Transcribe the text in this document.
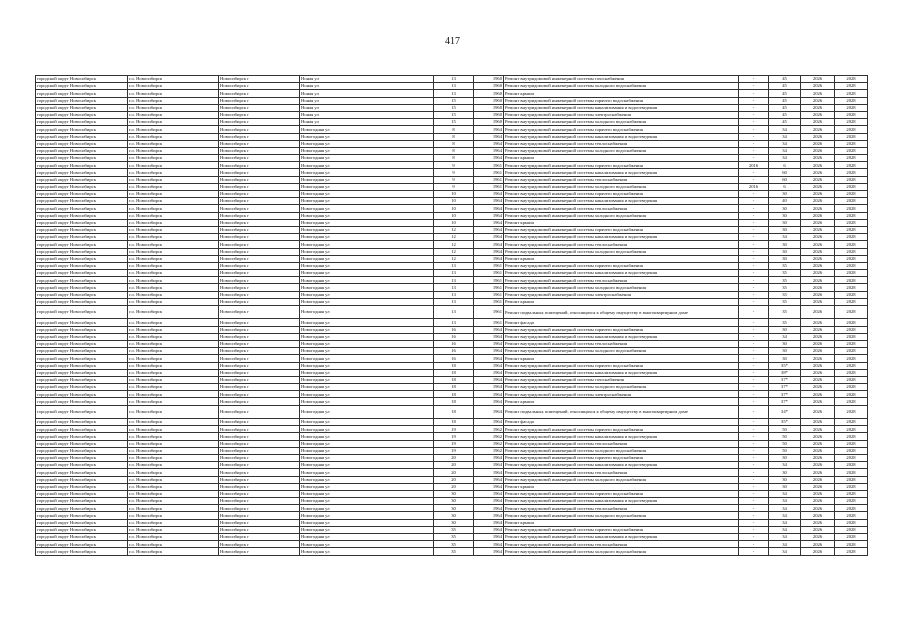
417
городской округ Новосибирск	г.о. Новосибирск	Новосибирск г	Ноная ул	13	1960	Ремонт внутридомовой инженерной системы газоснабжения	-	45	2026	2028
городской округ Новосибирск	г.о. Новосибирск	Новосибирск г	Ноная ул	13	1960	Ремонт внутридомовой инженерной системы холодного водоснабжения	-	45	2026	2028
городской округ Новосибирск	г.о. Новосибирск	Новосибирск г	Ноная ул	13	1960	Ремонт крыши	-	45	2026	2028
городской округ Новосибирск	г.о. Новосибирск	Новосибирск г	Ноная ул	15	1960	Ремонт внутридомовой инженерной системы горячего водоснабжения	-	45	2026	2028
городской округ Новосибирск	г.о. Новосибирск	Новосибирск г	Ноная ул	15	1960	Ремонт внутридомовой инженерной системы канализования и водоотведения	-	45	2026	2028
городской округ Новосибирск	г.о. Новосибирск	Новосибирск г	Ноная ул	15	1960	Ремонт внутридомовой инженерной системы электроснабжения	-	45	2026	2028
городской округ Новосибирск	г.о. Новосибирск	Новосибирск г	Ноная ул	15	1960	Ремонт внутридомовой инженерной системы холодного водоснабжения	-	45	2026	2028
городской округ Новосибирск	г.о. Новосибирск	Новосибирск г	Новогодняя ул	8	1964	Ремонт внутридомовой инженерной системы горячего водоснабжения	-	34	2026	2028
городской округ Новосибирск	г.о. Новосибирск	Новосибирск г	Новогодняя ул	8	1964	Ремонт внутридомовой инженерной системы канализования и водоотведения	-	34	2026	2028
городской округ Новосибирск	г.о. Новосибирск	Новосибирск г	Новогодняя ул	8	1964	Ремонт внутридомовой инженерной системы теплоснабжения	-	34	2026	2028
городской округ Новосибирск	г.о. Новосибирск	Новосибирск г	Новогодняя ул	8	1964	Ремонт внутридомовой инженерной системы холодного водоснабжения	-	34	2026	2028
городской округ Новосибирск	г.о. Новосибирск	Новосибирск г	Новогодняя ул	8	1964	Ремонт крыши	-	34	2026	2028
городской округ Новосибирск	г.о. Новосибирск	Новосибирск г	Новогодняя ул	9	1961	Ремонт внутридомовой инженерной системы горячего водоснабжения	2016	6	2026	2028
городской округ Новосибирск	г.о. Новосибирск	Новосибирск г	Новогодняя ул	9	1961	Ремонт внутридомовой инженерной системы канализования и водоотведения	-	60	2026	2028
городской округ Новосибирск	г.о. Новосибирск	Новосибирск г	Новогодняя ул	9	1961	Ремонт внутридомовой инженерной системы теплоснабжения	-	60	2026	2028
городской округ Новосибирск	г.о. Новосибирск	Новосибирск г	Новогодняя ул	9	1961	Ремонт внутридомовой инженерной системы холодного водоснабжения	2016	6	2026	2028
городской округ Новосибирск	г.о. Новосибирск	Новосибирск г	Новогодняя ул	10	1964	Ремонт внутридомовой инженерной системы горячего водоснабжения	-	30	2026	2028
городской округ Новосибирск	г.о. Новосибирск	Новосибирск г	Новогодняя ул	10	1964	Ремонт внутридомовой инженерной системы канализования и водоотведения	-	40	2026	2028
городской округ Новосибирск	г.о. Новосибирск	Новосибирск г	Новогодняя ул	10	1964	Ремонт внутридомовой инженерной системы теплоснабжения	-	30	2026	2028
городской округ Новосибирск	г.о. Новосибирск	Новосибирск г	Новогодняя ул	10	1964	Ремонт внутридомовой инженерной системы холодного водоснабжения	-	30	2026	2028
городской округ Новосибирск	г.о. Новосибирск	Новосибирск г	Новогодняя ул	10	1964	Ремонт крыши	-	30	2026	2028
городской округ Новосибирск	г.о. Новосибирск	Новосибирск г	Новогодняя ул	12	1964	Ремонт внутридомовой инженерной системы горячего водоснабжения	-	30	2026	2028
городской округ Новосибирск	г.о. Новосибирск	Новосибирск г	Новогодняя ул	12	1964	Ремонт внутридомовой инженерной системы канализования и водоотведения	-	34	2026	2028
городской округ Новосибирск	г.о. Новосибирск	Новосибирск г	Новогодняя ул	12	1964	Ремонт внутридомовой инженерной системы теплоснабжения	-	30	2026	2028
городской округ Новосибирск	г.о. Новосибирск	Новосибирск г	Новогодняя ул	12	1964	Ремонт внутридомовой инженерной системы холодного водоснабжения	-	30	2026	2028
городской округ Новосибирск	г.о. Новосибирск	Новосибирск г	Новогодняя ул	12	1964	Ремонт крыши	-	30	2026	2028
городской округ Новосибирск	г.о. Новосибирск	Новосибирск г	Новогодняя ул	13	1961	Ремонт внутридомовой инженерной системы горячего водоснабжения	-	35	2026	2028
городской округ Новосибирск	г.о. Новосибирск	Новосибирск г	Новогодняя ул	13	1961	Ремонт внутридомовой инженерной системы канализования и водоотведения	-	35	2026	2028
городской округ Новосибирск	г.о. Новосибирск	Новосибирск г	Новогодняя ул	13	1961	Ремонт внутридомовой инженерной системы теплоснабжения	-	35	2026	2028
городской округ Новосибирск	г.о. Новосибирск	Новосибирск г	Новогодняя ул	13	1961	Ремонт внутридомовой инженерной системы холодного водоснабжения	-	35	2026	2028
городской округ Новосибирск	г.о. Новосибирск	Новосибирск г	Новогодняя ул	13	1961	Ремонт внутридомовой инженерной системы электроснабжения	-	35	2026	2028
городской округ Новосибирск	г.о. Новосибирск	Новосибирск г	Новогодняя ул	13	1961	Ремонт крыши	-	35	2026	2028
городской округ Новосибирск	г.о. Новосибирск	Новосибирск г	Новогодняя ул	13	1961	Ремонт подвальных помещений, относящихся к общему имуществу в многоквартирном доме	-	35	2026	2028
городской округ Новосибирск	г.о. Новосибирск	Новосибирск г	Новогодняя ул	13	1961	Ремонт фасада	-	35	2026	2028
городской округ Новосибирск	г.о. Новосибирск	Новосибирск г	Новогодняя ул	16	1964	Ремонт внутридомовой инженерной системы горячего водоснабжения	-	30	2026	2028
городской округ Новосибирск	г.о. Новосибирск	Новосибирск г	Новогодняя ул	16	1964	Ремонт внутридомовой инженерной системы канализования и водоотведения	-	34	2026	2028
городской округ Новосибирск	г.о. Новосибирск	Новосибирск г	Новогодняя ул	16	1964	Ремонт внутридомовой инженерной системы теплоснабжения	-	30	2026	2028
городской округ Новосибирск	г.о. Новосибирск	Новосибирск г	Новогодняя ул	16	1964	Ремонт внутридомовой инженерной системы холодного водоснабжения	-	30	2026	2028
городской округ Новосибирск	г.о. Новосибирск	Новосибирск г	Новогодняя ул	16	1964	Ремонт крыши	-	30	2026	2028
городской округ Новосибирск	г.о. Новосибирск	Новосибирск г	Новогодняя ул	18	1964	Ремонт внутридомовой инженерной системы горячего водоснабжения	-	35*	2026	2028
городской округ Новосибирск	г.о. Новосибирск	Новосибирск г	Новогодняя ул	18	1964	Ремонт внутридомовой инженерной системы канализования и водоотведения	-	38*	2026	2028
городской округ Новосибирск	г.о. Новосибирск	Новосибирск г	Новогодняя ул	18	1964	Ремонт внутридомовой инженерной системы газоснабжения	-	37*	2026	2028
городской округ Новосибирск	г.о. Новосибирск	Новосибирск г	Новогодняя ул	18	1964	Ремонт внутридомовой инженерной системы холодного водоснабжения	-	37*	2026	2028
городской округ Новосибирск	г.о. Новосибирск	Новосибирск г	Новогодняя ул	18	1964	Ремонт внутридомовой инженерной системы электроснабжения	-	37*	2026	2028
городской округ Новосибирск	г.о. Новосибирск	Новосибирск г	Новогодняя ул	18	1964	Ремонт крыши	-	37*	2026	2028
городской округ Новосибирск	г.о. Новосибирск	Новосибирск г	Новогодняя ул	18	1964	Ремонт подвальных помещений, относящихся к общему имуществу в многоквартирном доме	-	34*	2026	2028
городской округ Новосибирск	г.о. Новосибирск	Новосибирск г	Новогодняя ул	18	1964	Ремонт фасада	-	35*	2026	2028
городской округ Новосибирск	г.о. Новосибирск	Новосибирск г	Новогодняя ул	19	1962	Ремонт внутридомовой инженерной системы горячего водоснабжения	-	50	2026	2028
городской округ Новосибирск	г.о. Новосибирск	Новосибирск г	Новогодняя ул	19	1962	Ремонт внутридомовой инженерной системы канализования и водоотведения	-	50	2026	2028
городской округ Новосибирск	г.о. Новосибирск	Новосибирск г	Новогодняя ул	19	1962	Ремонт внутридомовой инженерной системы теплоснабжения	-	50	2026	2028
городской округ Новосибирск	г.о. Новосибирск	Новосибирск г	Новогодняя ул	19	1962	Ремонт внутридомовой инженерной системы холодного водоснабжения	-	50	2026	2028
городской округ Новосибирск	г.о. Новосибирск	Новосибирск г	Новогодняя ул	20	1964	Ремонт внутридомовой инженерной системы горячего водоснабжения	-	30	2026	2028
городской округ Новосибирск	г.о. Новосибирск	Новосибирск г	Новогодняя ул	20	1964	Ремонт внутридомовой инженерной системы канализования и водоотведения	-	34	2026	2028
городской округ Новосибирск	г.о. Новосибирск	Новосибирск г	Новогодняя ул	20	1964	Ремонт внутридомовой инженерной системы теплоснабжения	-	30	2026	2028
городской округ Новосибирск	г.о. Новосибирск	Новосибирск г	Новогодняя ул	20	1964	Ремонт внутридомовой инженерной системы холодного водоснабжения	-	30	2026	2028
городской округ Новосибирск	г.о. Новосибирск	Новосибирск г	Новогодняя ул	20	1964	Ремонт крыши	-	30	2026	2028
городской округ Новосибирск	г.о. Новосибирск	Новосибирск г	Новогодняя ул	30	1964	Ремонт внутридомовой инженерной системы горячего водоснабжения	-	34	2026	2028
городской округ Новосибирск	г.о. Новосибирск	Новосибирск г	Новогодняя ул	30	1964	Ремонт внутридомовой инженерной системы канализования и водоотведения	-	34	2026	2028
городской округ Новосибирск	г.о. Новосибирск	Новосибирск г	Новогодняя ул	30	1964	Ремонт внутридомовой инженерной системы теплоснабжения	-	34	2026	2028
городской округ Новосибирск	г.о. Новосибирск	Новосибирск г	Новогодняя ул	30	1964	Ремонт внутридомовой инженерной системы холодного водоснабжения	-	34	2026	2028
городской округ Новосибирск	г.о. Новосибирск	Новосибирск г	Новогодняя ул	30	1964	Ремонт крыши	-	34	2026	2028
городской округ Новосибирск	г.о. Новосибирск	Новосибирск г	Новогодняя ул	35	1964	Ремонт внутридомовой инженерной системы горячего водоснабжения	-	34	2026	2028
городской округ Новосибирск	г.о. Новосибирск	Новосибирск г	Новогодняя ул	35	1964	Ремонт внутридомовой инженерной системы канализования и водоотведения	-	34	2026	2028
городской округ Новосибирск	г.о. Новосибирск	Новосибирск г	Новогодняя ул	35	1964	Ремонт внутридомовой инженерной системы теплоснабжения	-	34	2026	2028
городской округ Новосибирск	г.о. Новосибирск	Новосибирск г	Новогодняя ул	35	1964	Ремонт внутридомовой инженерной системы холодного водоснабжения	-	34	2026	2028
